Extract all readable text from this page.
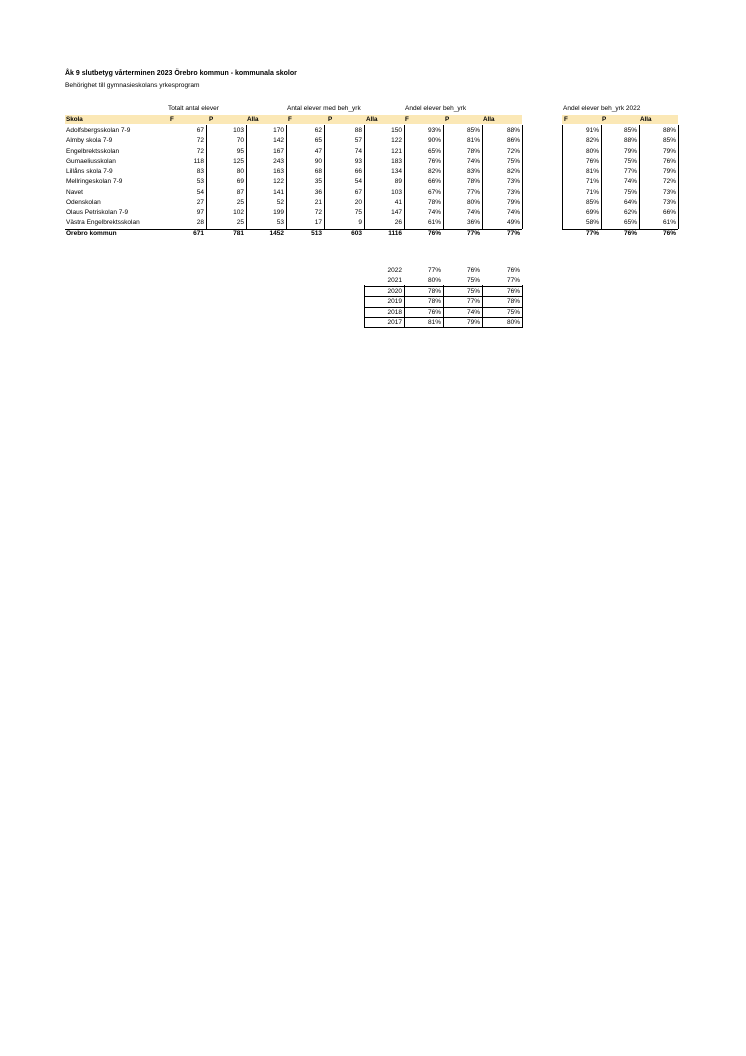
Åk 9 slutbetyg vårterminen 2023 Örebro kommun - kommunala skolor
Behörighet till gymnasieskolans yrkesprogram
Totalt antal elever	Antal elever med beh_yrk	Andel elever beh_yrk	Andel elever beh_yrk 2022
Skola	F	P	Alla	F	P	Alla	F	P	Alla	F	P	Alla
Adolfsbergsskolan 7-9	67	103	170	62	88	150	93%	85%	88%	91%	85%	88%
Almby skola 7-9	72	70	142	65	57	122	90%	81%	86%	82%	88%	85%
Engelbrektsskolan	72	95	167	47	74	121	65%	78%	72%	80%	79%	79%
Gumaeliusskolan	118	125	243	90	93	183	76%	74%	75%	76%	75%	76%
Lillåns skola 7-9	83	80	163	68	66	134	82%	83%	82%	81%	77%	79%
Mellringeskolan 7-9	53	69	122	35	54	89	66%	78%	73%	71%	74%	72%
Navet	54	87	141	36	67	103	67%	77%	73%	71%	75%	73%
Odenskolan	27	25	52	21	20	41	78%	80%	79%	85%	64%	73%
Olaus Petriskolan 7-9	97	102	199	72	75	147	74%	74%	74%	69%	62%	66%
Västra Engelbrektsskolan	28	25	53	17	9	26	61%	36%	49%	58%	65%	61%
Örebro kommun	671	781	1452	513	603	1116	76%	77%	77%	77%	76%	76%
2022	77%	76%	76%
2021	80%	75%	77%
2020	78%	75%	76%
2019	78%	77%	78%
2018	76%	74%	75%
2017	81%	79%	80%
